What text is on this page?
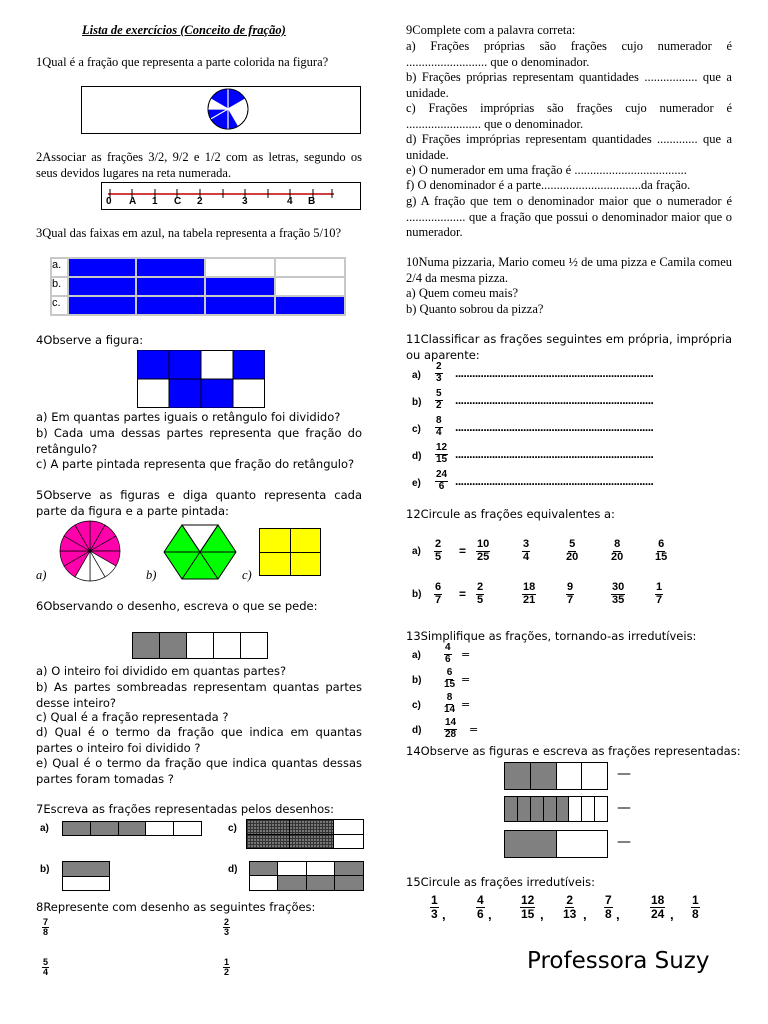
Lista de exercícios (Conceito de fração)
1Qual é a fração que representa a parte colorida na figura?
2Associar as frações 3/2, 9/2 e 1/2 com as letras, segundo os seus devidos lugares na reta numerada.
0 A 1 C 2	3	4 B
3Qual das faixas em azul, na tabela representa a fração 5/10?
a.
b.
c.
4Observe a figura:
a) Em quantas partes iguais o retângulo foi dividido?
b) Cada uma dessas partes representa que fração do retângulo?
c) A parte pintada representa que fração do retângulo?
5Observe as figuras e diga quanto representa cada parte da figura e a parte pintada:
a)	b)	c)
6Observando o desenho, escreva o que se pede:
a) O inteiro foi dividido em quantas partes?
b) As partes sombreadas representam quantas partes desse inteiro?
c) Qual é a fração representada ?
d) Qual é o termo da fração que indica em quantas partes o inteiro foi dividido ?
e) Qual é o termo da fração que indica quantas dessas partes foram tomadas ?
7Escreva as frações representadas pelos desenhos:
a)	c)
b)	d)
8Represente com desenho as seguintes frações:
$\frac{7}{8}$	$\frac{2}{3}$
$\frac{5}{4}$	$\frac{1}{2}$
9Complete com a palavra correta:
a) Frações próprias são frações cujo numerador é .......................... que o denominador.
b) Frações próprias representam quantidades ................. que a unidade.
c) Frações impróprias são frações cujo numerador é ........................ que o denominador.
d) Frações impróprias representam quantidades ............. que a unidade.
e) O numerador em uma fração é ....................................
f) O denominador é a parte................................da fração.
g) A fração que tem o denominador maior que o numerador é ................... que a fração que possui o denominador maior que o numerador.
10Numa pizzaria, Mario comeu ½ de uma pizza e Camila comeu 2/4 da mesma pizza.
a) Quem comeu mais?
b) Quanto sobrou da pizza?
11Classificar as frações seguintes em própria, imprópria ou aparente:
12Circule as frações equivalentes a:
13Simplifique as frações, tornando-as irredutíveis:
14Observe as figuras e escreva as frações representadas:
—
—
—
15Circule as frações irredutíveis:
Professora Suzy
$a) \frac{2}{3}$ ......................................................................
$b) \frac{5}{2}$ ......................................................................
$c) \frac{8}{4}$ ......................................................................
$d) \frac{12}{15}$ ......................................................................
$e) \frac{24}{6}$ ......................................................................
$a) \frac{2}{5} = \frac{10}{25}$	$\frac{3}{4}$	$\frac{5}{20}$	$\frac{8}{20}$	$\frac{6}{15}$
$b) \frac{6}{7} = \frac{2}{5}$	$\frac{18}{21}$	$\frac{9}{7}$	$\frac{30}{35}$	$\frac{1}{7}$
$a) \frac{4}{6}$ =
$b) \frac{6}{15}$ =
$c) \frac{8}{14}$ =
$d) \frac{14}{28}$ =
$\frac{1}{3}$ ,	$\frac{4}{6}$ , $\frac{12}{15}$ , $\frac{2}{13}$ , $\frac{7}{8}$ ,	$\frac{18}{24}$ , $\frac{1}{8}$
